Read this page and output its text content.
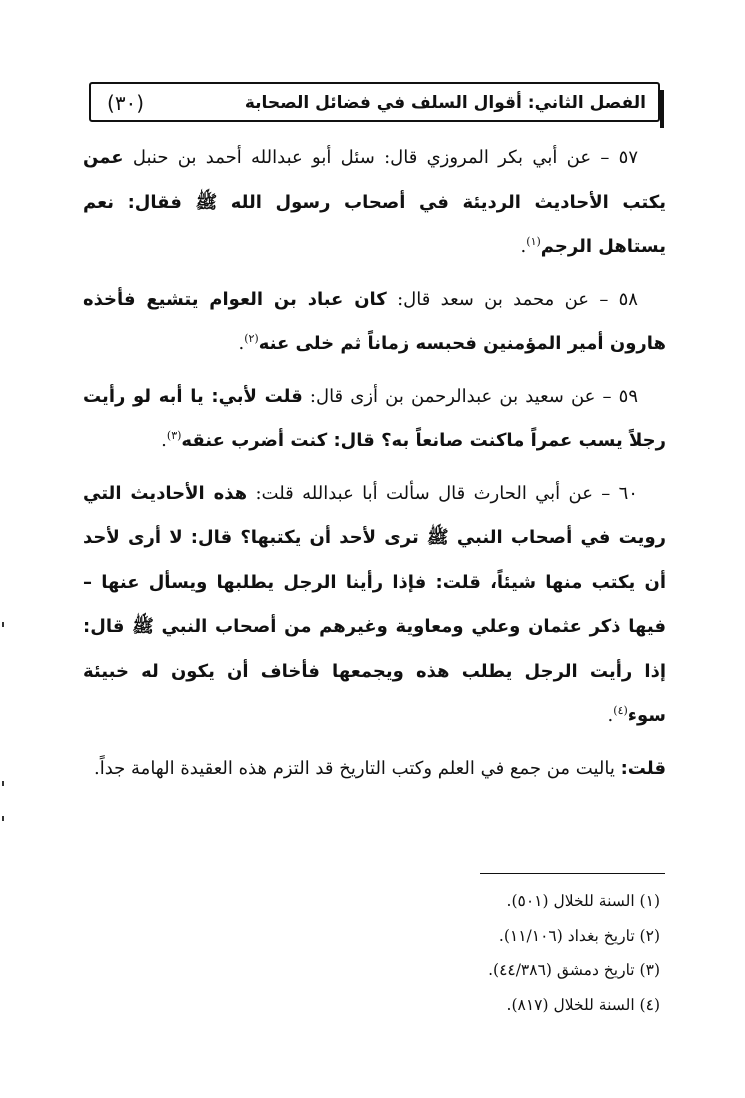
الفصل الثاني: أقوال السلف في فضائل الصحابة
(٣٠)

٥٧ – عن أبي بكر المروزي قال: سئل أبو عبدالله أحمد بن حنبل عمن يكتب الأحاديث الرديئة في أصحاب رسول الله ﷺ فقال: نعم يستاهل الرجم$^{(١)}$.

٥٨ – عن محمد بن سعد قال: كان عباد بن العوام يتشيع فأخذه هارون أمير المؤمنين فحبسه زماناً ثم خلى عنه$^{(٢)}$.

٥٩ – عن سعيد بن عبدالرحمن بن أزى قال: قلت لأبي: يا أبه لو رأيت رجلاً يسب عمراً ماكنت صانعاً به؟ قال: كنت أضرب عنقه$^{(٣)}$.

٦٠ – عن أبي الحارث قال سألت أبا عبدالله قلت: هذه الأحاديث التي رويت في أصحاب النبي ﷺ ترى لأحد أن يكتبها؟ قال: لا أرى لأحد أن يكتب منها شيئاً، قلت: فإذا رأينا الرجل يطلبها ويسأل عنها –فيها ذكر عثمان وعلي ومعاوية وغيرهم من أصحاب النبي ﷺ قال: إذا رأيت الرجل يطلب هذه ويجمعها فأخاف أن يكون له خبيئة سوء$^{(٤)}$.

قلت: ياليت من جمع في العلم وكتب التاريخ قد التزم هذه العقيدة الهامة جداً.

(١) السنة للخلال (٥٠١).
(٢) تاريخ بغداد (١١/١٠٦).
(٣) تاريخ دمشق (٤٤/٣٨٦).
(٤) السنة للخلال (٨١٧).
